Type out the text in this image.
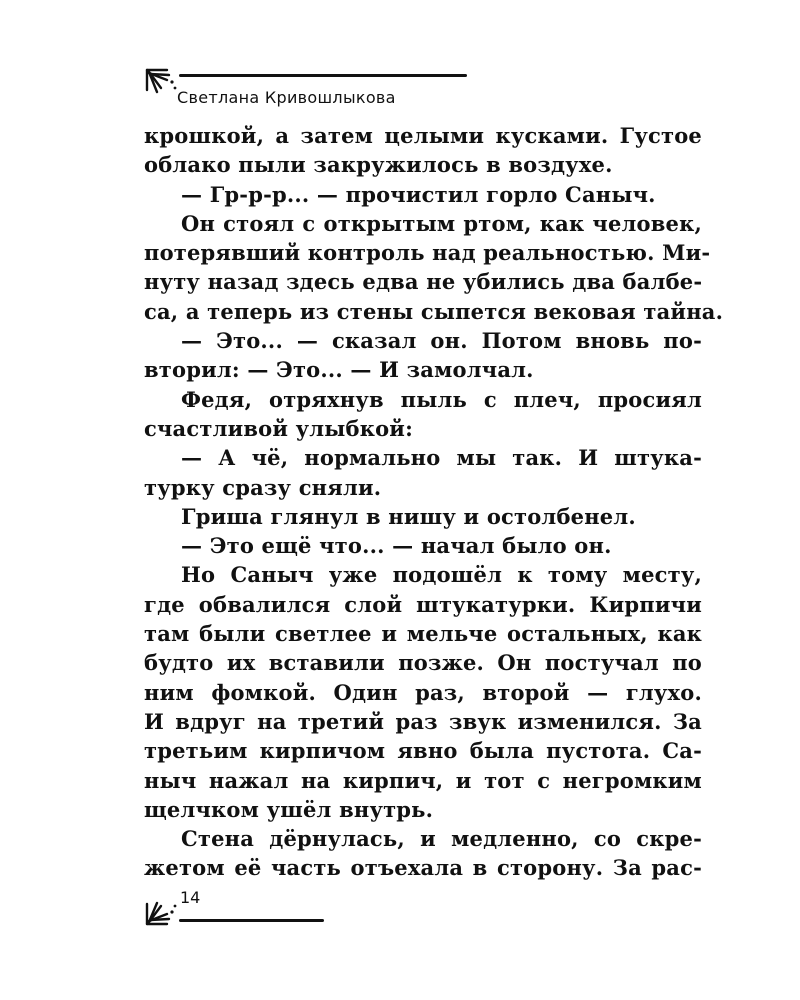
Светлана Кривошлыкова
крошкой, а затем целыми кусками. Густое
облако пыли закружилось в воздухе.
— Гр-р-р... — прочистил горло Саныч.
Он стоял с открытым ртом, как человек,
потерявший контроль над реальностью. Ми-
нуту назад здесь едва не убились два балбе-
са, а теперь из стены сыпется вековая тайна.
— Это... — сказал он. Потом вновь по-
вторил: — Это... — И замолчал.
Федя, отряхнув пыль с плеч, просиял
счастливой улыбкой:
— А чё, нормально мы так. И штука-
турку сразу сняли.
Гриша глянул в нишу и остолбенел.
— Это ещё что... — начал было он.
Но Саныч уже подошёл к тому месту,
где обвалился слой штукатурки. Кирпичи
там были светлее и мельче остальных, как
будто их вставили позже. Он постучал по
ним фомкой. Один раз, второй — глухо.
И вдруг на третий раз звук изменился. За
третьим кирпичом явно была пустота. Са-
ныч нажал на кирпич, и тот с негромким
щелчком ушёл внутрь.
Стена дёрнулась, и медленно, со скре-
жетом её часть отъехала в сторону. За рас-
14
